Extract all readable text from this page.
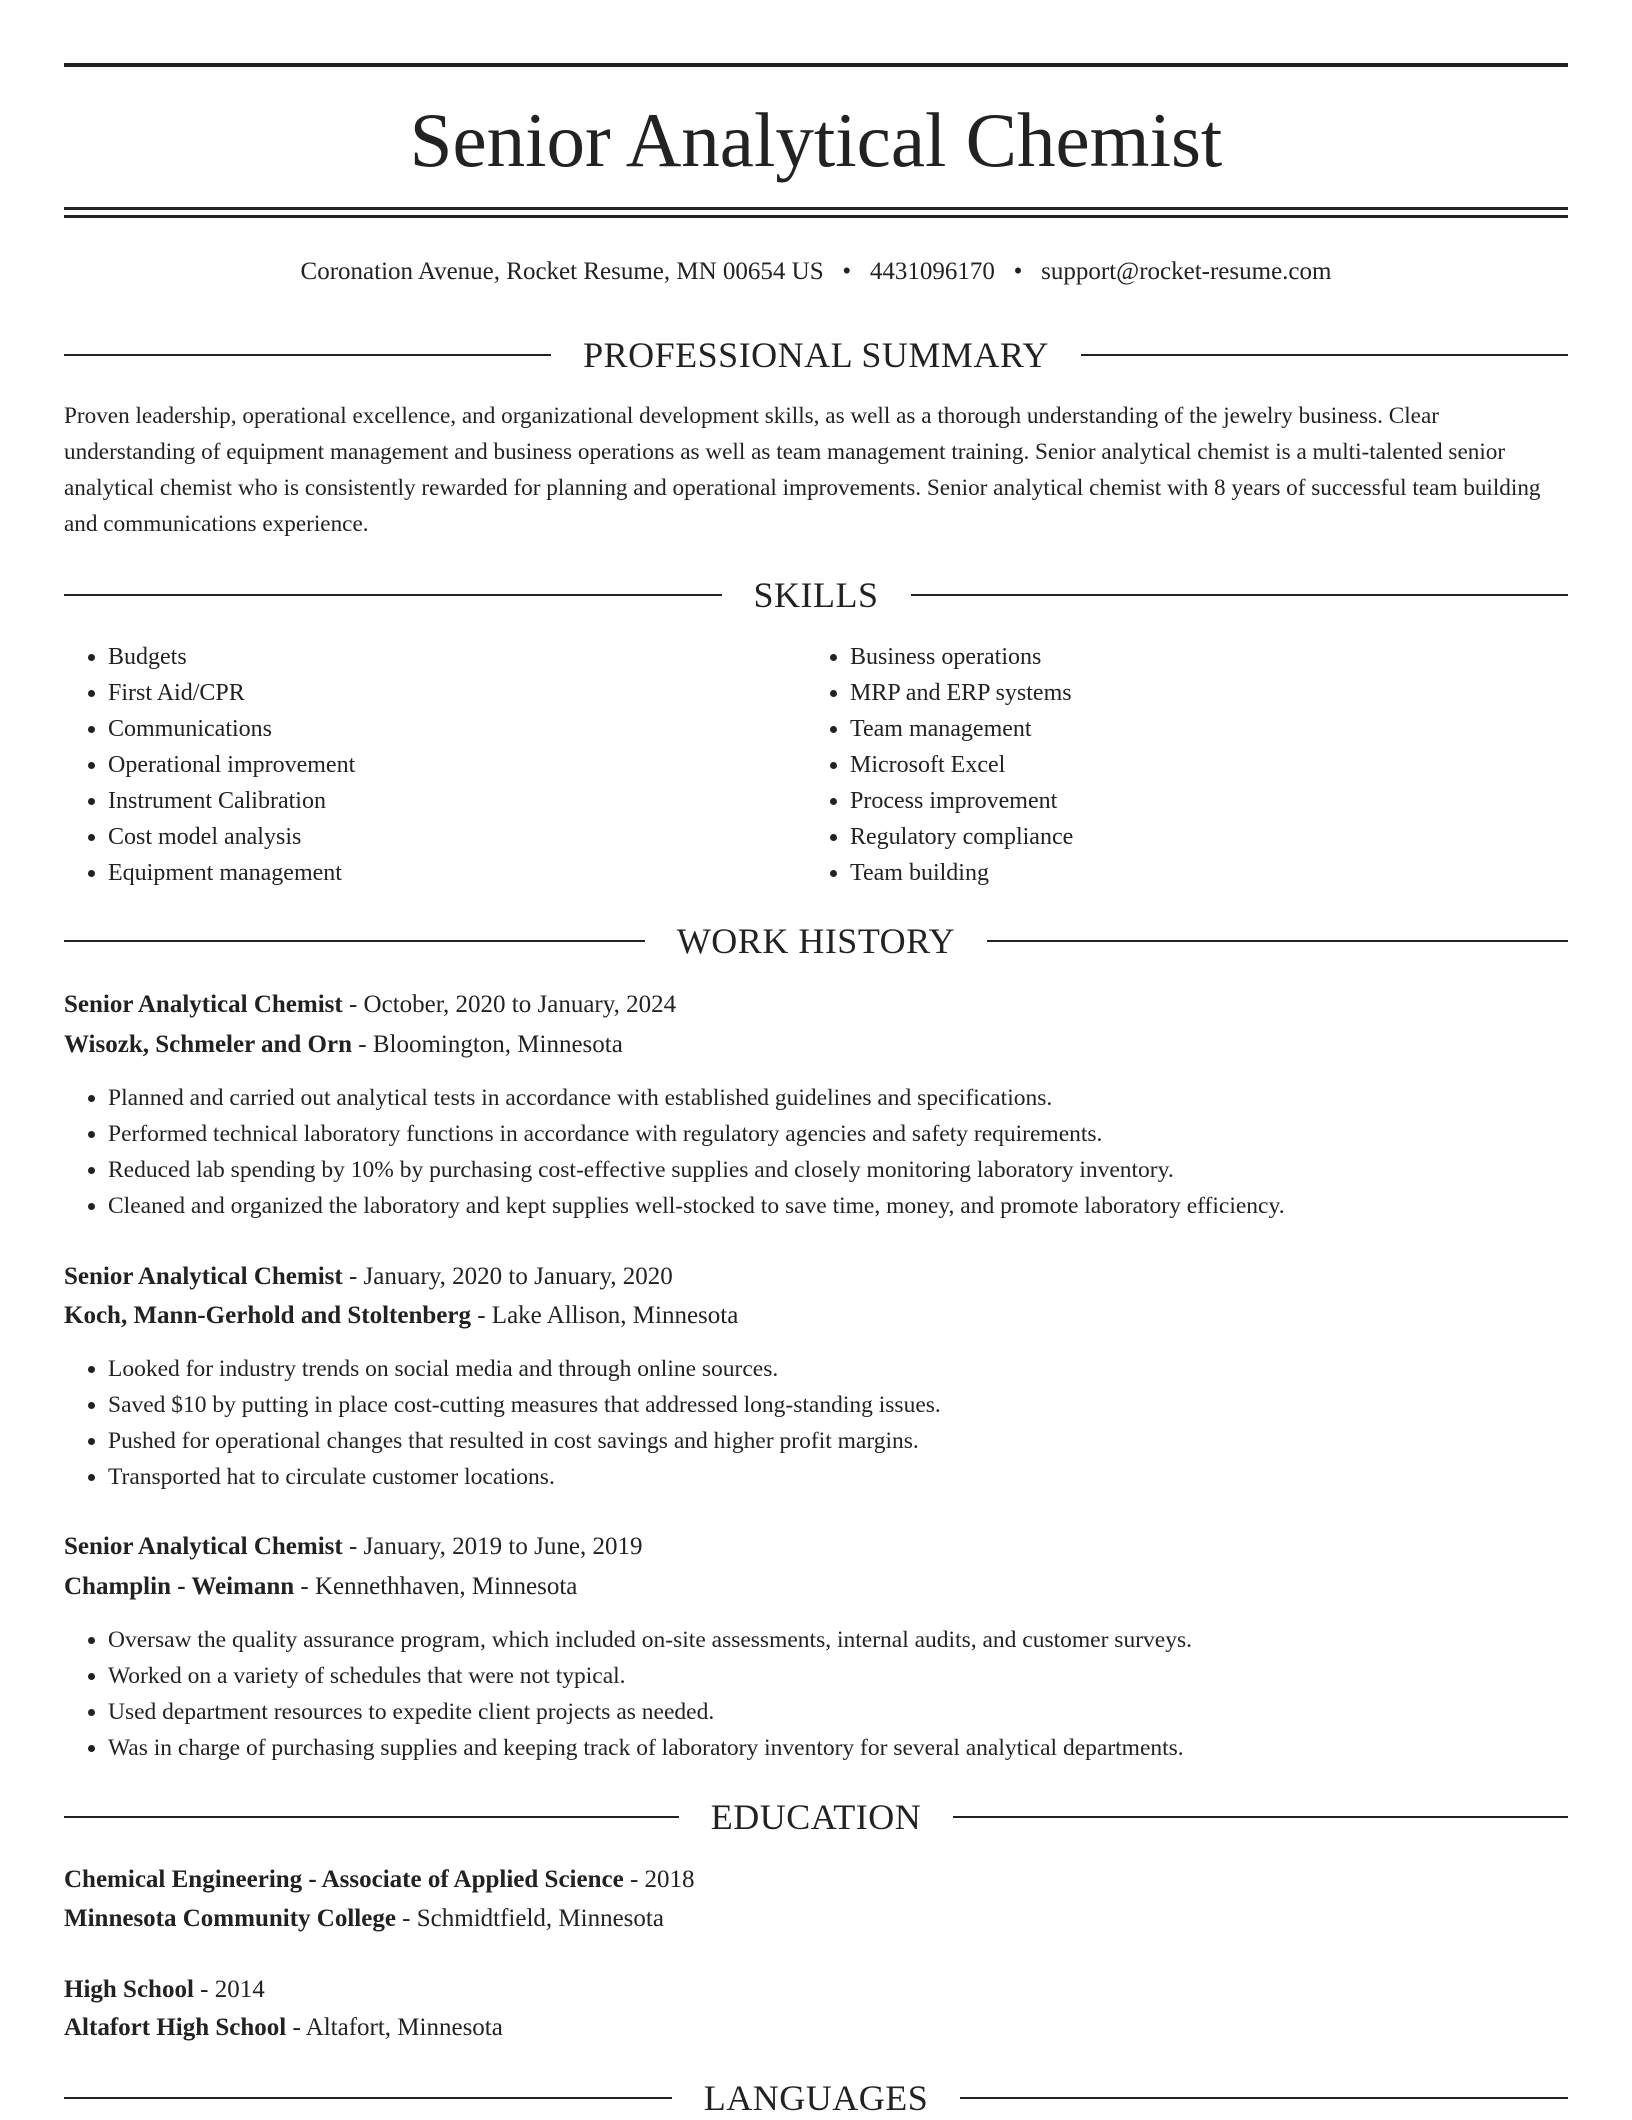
Senior Analytical Chemist
Coronation Avenue, Rocket Resume, MN 00654 US • 4431096170 • support@rocket-resume.com
PROFESSIONAL SUMMARY

Proven leadership, operational excellence, and organizational development skills, as well as a thorough understanding of the jewelry business. Clear understanding of equipment management and business operations as well as team management training. Senior analytical chemist is a multi-talented senior analytical chemist who is consistently rewarded for planning and operational improvements. Senior analytical chemist with 8 years of successful team building and communications experience.

SKILLS
• Budgets
• First Aid/CPR
• Communications
• Operational improvement
• Instrument Calibration
• Cost model analysis
• Equipment management
• Business operations
• MRP and ERP systems
• Team management
• Microsoft Excel
• Process improvement
• Regulatory compliance
• Team building
WORK HISTORY
Senior Analytical Chemist - October, 2020 to January, 2024
Wisozk, Schmeler and Orn - Bloomington, Minnesota
• Planned and carried out analytical tests in accordance with established guidelines and specifications.
• Performed technical laboratory functions in accordance with regulatory agencies and safety requirements.
• Reduced lab spending by 10% by purchasing cost-effective supplies and closely monitoring laboratory inventory.
• Cleaned and organized the laboratory and kept supplies well-stocked to save time, money, and promote laboratory efficiency.
Senior Analytical Chemist - January, 2020 to January, 2020
Koch, Mann-Gerhold and Stoltenberg - Lake Allison, Minnesota
• Looked for industry trends on social media and through online sources.
• Saved $10 by putting in place cost-cutting measures that addressed long-standing issues.
• Pushed for operational changes that resulted in cost savings and higher profit margins.
• Transported hat to circulate customer locations.
Senior Analytical Chemist - January, 2019 to June, 2019
Champlin - Weimann - Kennethhaven, Minnesota
• Oversaw the quality assurance program, which included on-site assessments, internal audits, and customer surveys.
• Worked on a variety of schedules that were not typical.
• Used department resources to expedite client projects as needed.
• Was in charge of purchasing supplies and keeping track of laboratory inventory for several analytical departments.
EDUCATION
Chemical Engineering - Associate of Applied Science - 2018
Minnesota Community College - Schmidtfield, Minnesota
High School - 2014
Altafort High School - Altafort, Minnesota
LANGUAGES
